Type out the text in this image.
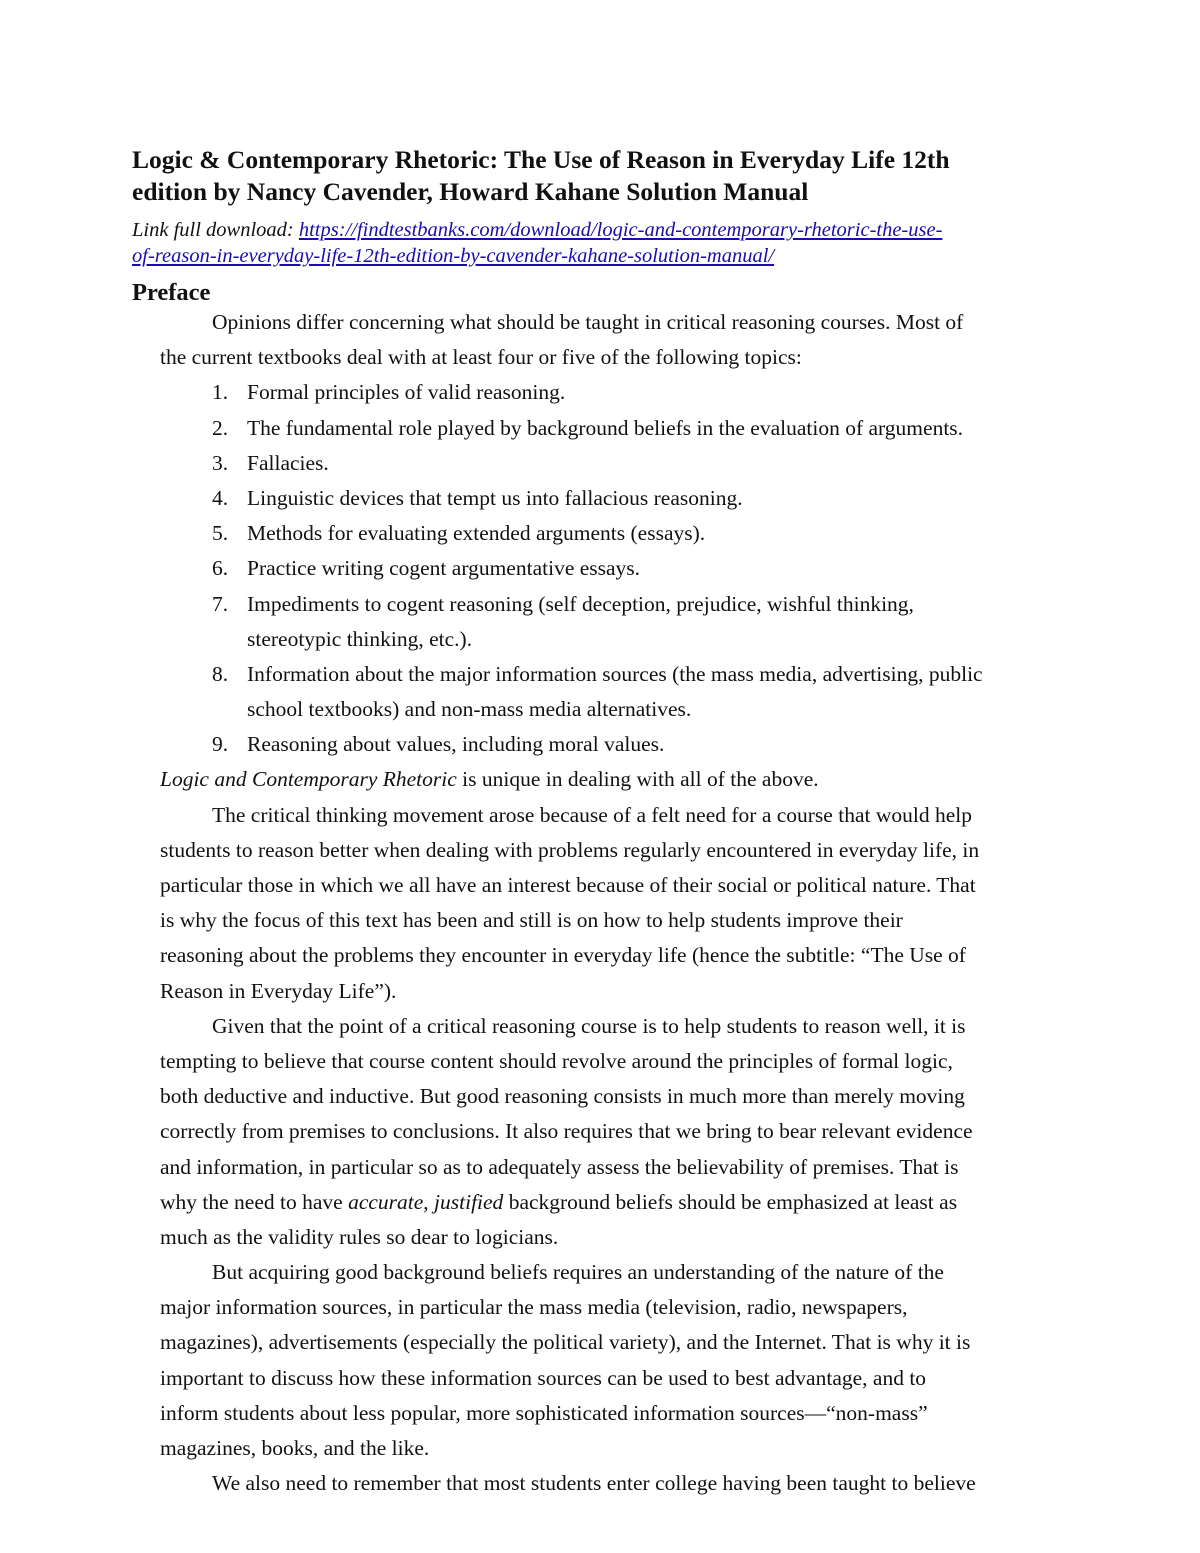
Logic & Contemporary Rhetoric: The Use of Reason in Everyday Life 12th
edition by Nancy Cavender, Howard Kahane Solution Manual
Link full download: https://findtestbanks.com/download/logic-and-contemporary-rhetoric-the-use-
of-reason-in-everyday-life-12th-edition-by-cavender-kahane-solution-manual/
Preface
Opinions differ concerning what should be taught in critical reasoning courses. Most of
the current textbooks deal with at least four or five of the following topics:
1. Formal principles of valid reasoning.
2. The fundamental role played by background beliefs in the evaluation of arguments.
3. Fallacies.
4. Linguistic devices that tempt us into fallacious reasoning.
5. Methods for evaluating extended arguments (essays).
6. Practice writing cogent argumentative essays.
7. Impediments to cogent reasoning (self deception, prejudice, wishful thinking,
stereotypic thinking, etc.).
8. Information about the major information sources (the mass media, advertising, public
school textbooks) and non-mass media alternatives.
9. Reasoning about values, including moral values.
Logic and Contemporary Rhetoric is unique in dealing with all of the above.
The critical thinking movement arose because of a felt need for a course that would help
students to reason better when dealing with problems regularly encountered in everyday life, in
particular those in which we all have an interest because of their social or political nature. That
is why the focus of this text has been and still is on how to help students improve their
reasoning about the problems they encounter in everyday life (hence the subtitle: “The Use of
Reason in Everyday Life”).
Given that the point of a critical reasoning course is to help students to reason well, it is
tempting to believe that course content should revolve around the principles of formal logic,
both deductive and inductive. But good reasoning consists in much more than merely moving
correctly from premises to conclusions. It also requires that we bring to bear relevant evidence
and information, in particular so as to adequately assess the believability of premises. That is
why the need to have accurate, justified background beliefs should be emphasized at least as
much as the validity rules so dear to logicians.
But acquiring good background beliefs requires an understanding of the nature of the
major information sources, in particular the mass media (television, radio, newspapers,
magazines), advertisements (especially the political variety), and the Internet. That is why it is
important to discuss how these information sources can be used to best advantage, and to
inform students about less popular, more sophisticated information sources—“non-mass”
magazines, books, and the like.
We also need to remember that most students enter college having been taught to believe
